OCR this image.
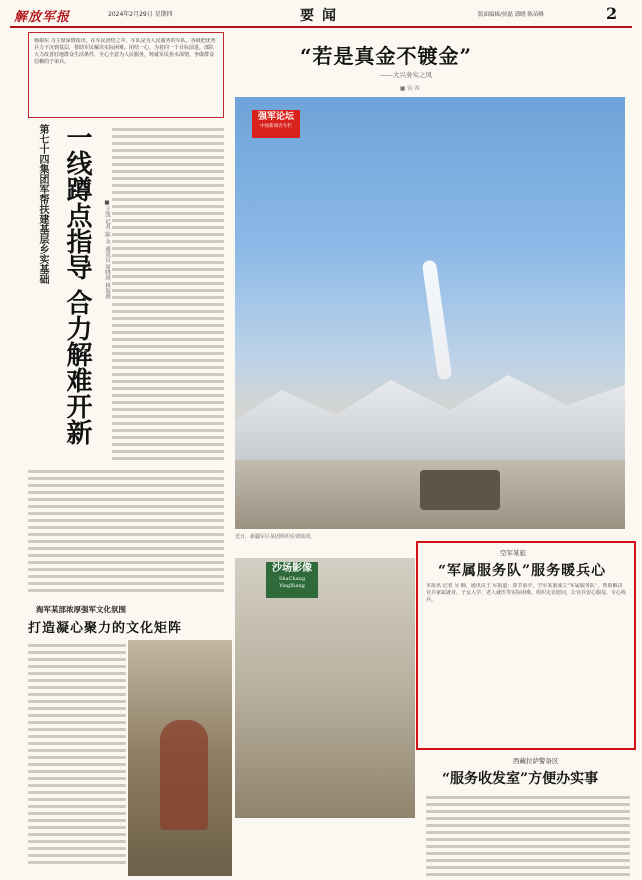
解放军报	2024年2月29日 星期四	要闻	版面编辑/侯磊 郭晓 陈苗峰	2
杨谢东 习主席深情指出，在军民团结之中，军队是为人民服务的军队。各级把优势兵力下沉到基层，帮助军民解决实际困难。团结一心，为着同一个目标前进。部队大力改善驻地群众生活条件，全心全意为人民服务，铸就军民鱼水深情，争做群众信赖的子弟兵。
第七十四集团军帮扶建基层乡实基础 一线蹲点指导 合力解难开新	■王凯 记者 陈 永 通讯员 周晓琪 林海燕
“若是真金不镀金”
——大兴务实之风
■ 钧 西
强军论坛
中国新闻名专栏
近日，新疆军区某团组织实弹演训。
沙场影像
ShaChang YingXiang
空军某旅
“军属服务队”服务暖兵心
本报讯 记者 吴 楠、通讯员王 军报道：春节前夕，空军某旅成立“军属服务队”，帮助解决官兵家属就业、子女入学、老人就医等实际困难，组织走访慰问，让官兵安心服役、专心练兵。
西藏拉萨警备区
“服务收发室”方便办实事
海军某部浓厚强军文化氛围
打造凝心聚力的文化矩阵
